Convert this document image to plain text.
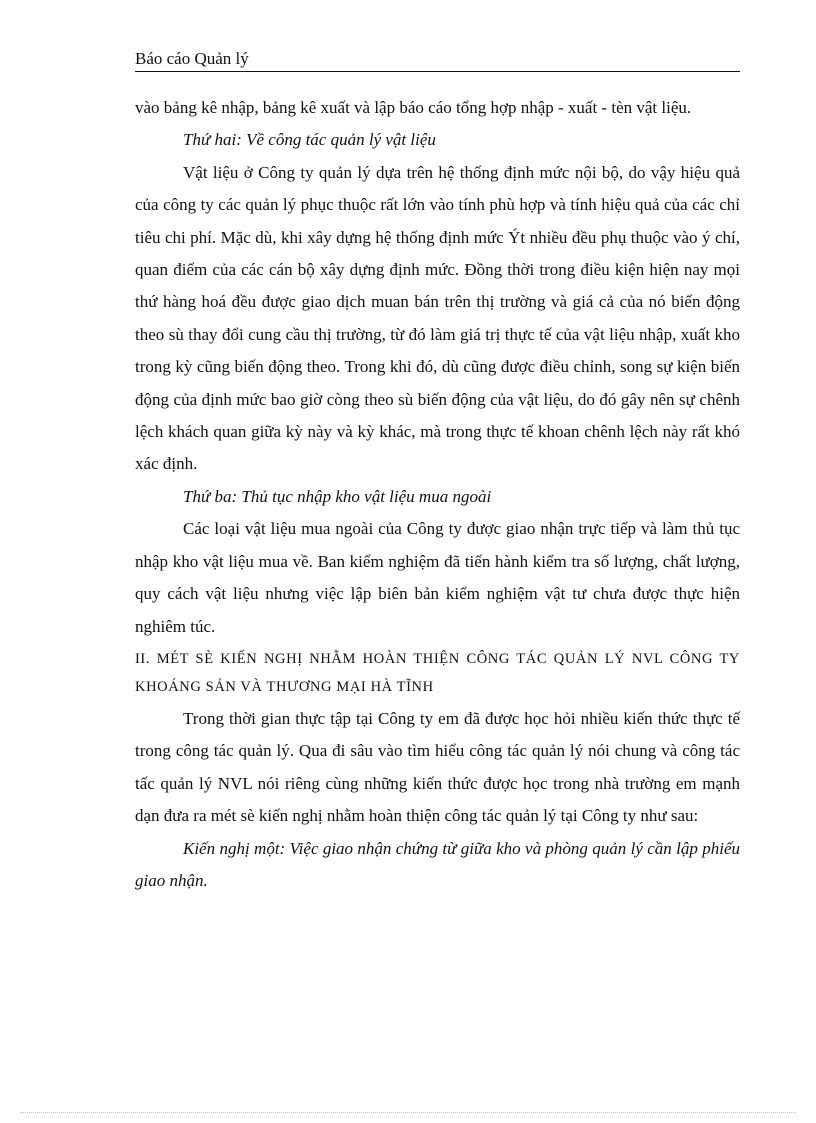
Báo cáo Quản lý

vào bảng kê nhập, bảng kê xuất và lập báo cáo tổng hợp nhập - xuất - tèn vật liệu.

Thứ hai: Về công tác quản lý vật liệu

Vật liệu ở Công ty quản lý dựa trên hệ thống định mức nội bộ, do vậy hiệu quả của công ty các quản lý phục thuộc rất lớn vào tính phù hợp và tính hiệu quả của các chỉ tiêu chi phí. Mặc dù, khi xây dựng hệ thống định mức Ýt nhiều đều phụ thuộc vào ý chí, quan điểm của các cán bộ xây dựng định mức. Đồng thời trong điều kiện hiện nay mọi thứ hàng hoá đều được giao dịch muan bán trên thị trường và giá cả của nó biến động theo sù thay đổi cung cầu thị trường, từ đó làm giá trị thực tế của vật liệu nhập, xuất kho trong kỳ cũng biến động theo. Trong khi đó, dù cũng được điều chỉnh, song sự kiện biến động của định mức bao giờ còng theo sù biến động của vật liệu, do đó gây nên sự chênh lệch khách quan giữa kỳ này và kỳ khác, mà trong thực tế khoan chênh lệch này rất khó xác định.

Thứ ba: Thủ tục nhập kho vật liệu mua ngoài

Các loại vật liệu mua ngoài của Công ty được giao nhận trực tiếp và làm thủ tục nhập kho vật liệu mua về. Ban kiểm nghiệm đã tiến hành kiểm tra số lượng, chất lượng, quy cách vật liệu nhưng việc lập biên bản kiểm nghiệm vật tư chưa được thực hiện nghiêm túc.

II. MÉT SÈ KIẾN NGHỊ NHẰM HOÀN THIỆN CÔNG TÁC QUẢN LÝ NVL CÔNG TY KHOÁNG SẢN VÀ THƯƠNG MẠI HÀ TĨNH

Trong thời gian thực tập tại Công ty em đã được học hỏi nhiều kiến thức thực tế trong công tác quản lý. Qua đi sâu vào tìm hiểu công tác quản lý nói chung và công tác tấc quản lý NVL nói riêng cùng những kiến thức được học trong nhà trường em mạnh dạn đưa ra mét sè kiến nghị nhằm hoàn thiện công tác quản lý tại Công ty như sau:

Kiến nghị một: Việc giao nhận chứng từ giữa kho và phòng quản lý cần lập phiếu giao nhận.
